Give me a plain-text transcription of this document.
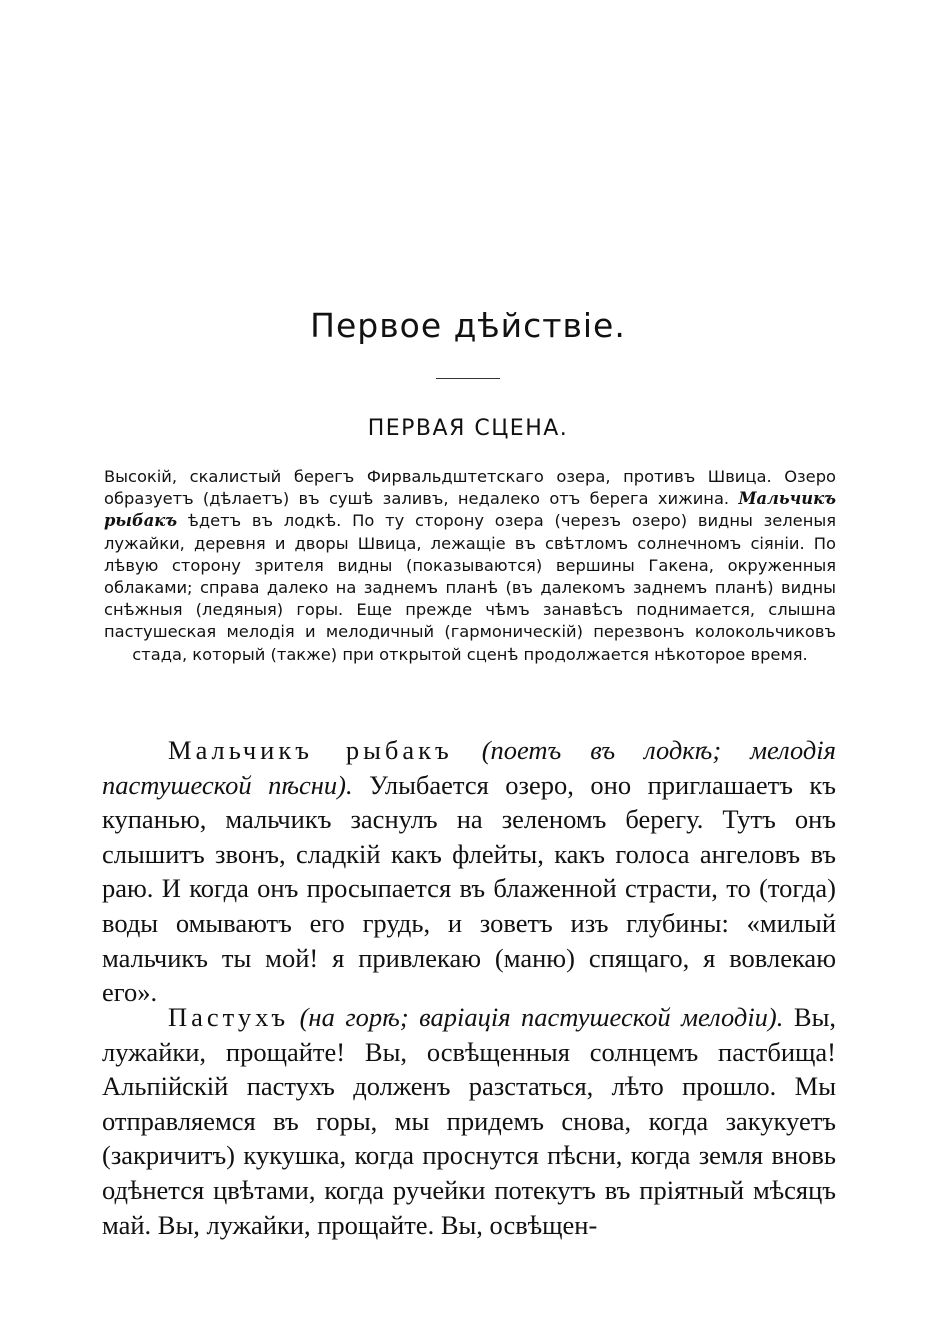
Первое дѣйствіе.
ПЕРВАЯ СЦЕНА.

Высокій, скалистый берегъ Фирвальдштетскаго озера, противъ Швица. Озеро образуетъ (дѣлаетъ) въ сушѣ заливъ, недалеко отъ берега хижина. Мальчикъ рыбакъ ѣдетъ въ лодкѣ. По ту сторону озера (черезъ озеро) видны зеленыя лужайки, деревня и дворы Швица, лежащіе въ свѣтломъ солнечномъ сіяніи. По лѣвую сторону зрителя видны (показываются) вершины Гакена, окруженныя облаками; справа далеко на заднемъ планѣ (въ далекомъ заднемъ планѣ) видны снѣжныя (ледяныя) горы. Еще прежде чѣмъ занавѣсъ поднимается, слышна пастушеская мелодія и мелодичный (гармоническій) перезвонъ колокольчиковъ стада, который (также) при открытой сценѣ продолжается нѣкоторое время.

Мальчикъ рыбакъ (поетъ въ лодкѣ; мелодія пастушеской пѣсни). Улыбается озеро, оно приглашаетъ къ купанью, мальчикъ заснулъ на зеленомъ берегу. Тутъ онъ слышитъ звонъ, сладкій какъ флейты, какъ голоса ангеловъ въ раю. И когда онъ просыпается въ блаженной страсти, то (тогда) воды омываютъ его грудь, и зоветъ изъ глубины: «милый мальчикъ ты мой! я привлекаю (маню) спящаго, я вовлекаю его».

Пастухъ (на горѣ; варіація пастушеской мелодіи). Вы, лужайки, прощайте! Вы, освѣщенныя солнцемъ пастбища! Альпійскій пастухъ долженъ разстаться, лѣто прошло. Мы отправляемся въ горы, мы придемъ снова, когда закукуетъ (закричитъ) кукушка, когда проснутся пѣсни, когда земля вновь одѣнется цвѣтами, когда ручейки потекутъ въ пріятный мѣсяцъ май. Вы, лужайки, прощайте. Вы, освѣщен-
